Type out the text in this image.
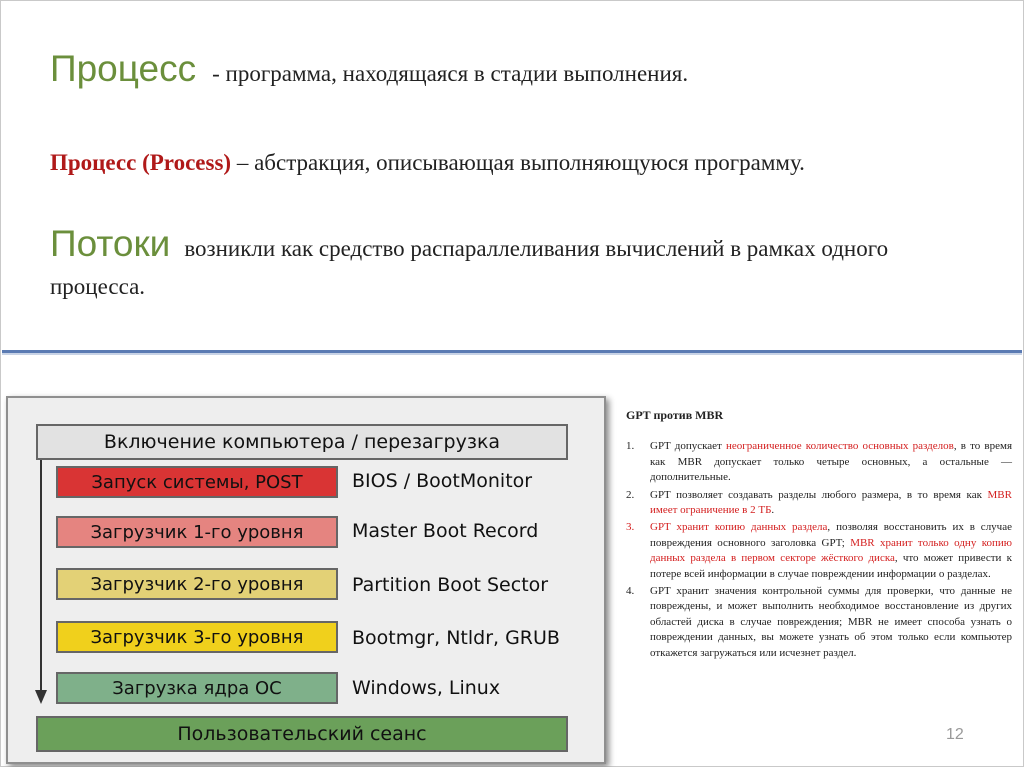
Процесс - программа, находящаяся в стадии выполнения.
Процесс (Process) – абстракция, описывающая выполняющуюся программу.
Потоки возникли как средство распараллеливания вычислений в рамках одного процесса.
Включение компьютера / перезагрузка
Запуск системы, POST	BIOS / BootMonitor
Загрузчик 1-го уровня	Master Boot Record
Загрузчик 2-го уровня	Partition Boot Sector
Загрузчик 3-го уровня	Bootmgr, Ntldr, GRUB
Загрузка ядра ОС	Windows, Linux
Пользовательский сеанс
GPT против MBR
1. GPT допускает неограниченное количество основных разделов, в то время как MBR допускает только четыре основных, а остальные — дополнительные.
2. GPT позволяет создавать разделы любого размера, в то время как MBR имеет ограничение в 2 ТБ.
3. GPT хранит копию данных раздела, позволяя восстановить их в случае повреждения основного заголовка GPT; MBR хранит только одну копию данных раздела в первом секторе жёсткого диска, что может привести к потере всей информации в случае повреждении информации о разделах.
4. GPT хранит значения контрольной суммы для проверки, что данные не повреждены, и может выполнить необходимое восстановление из других областей диска в случае повреждения; MBR не имеет способа узнать о повреждении данных, вы можете узнать об этом только если компьютер откажется загружаться или исчезнет раздел.
12
